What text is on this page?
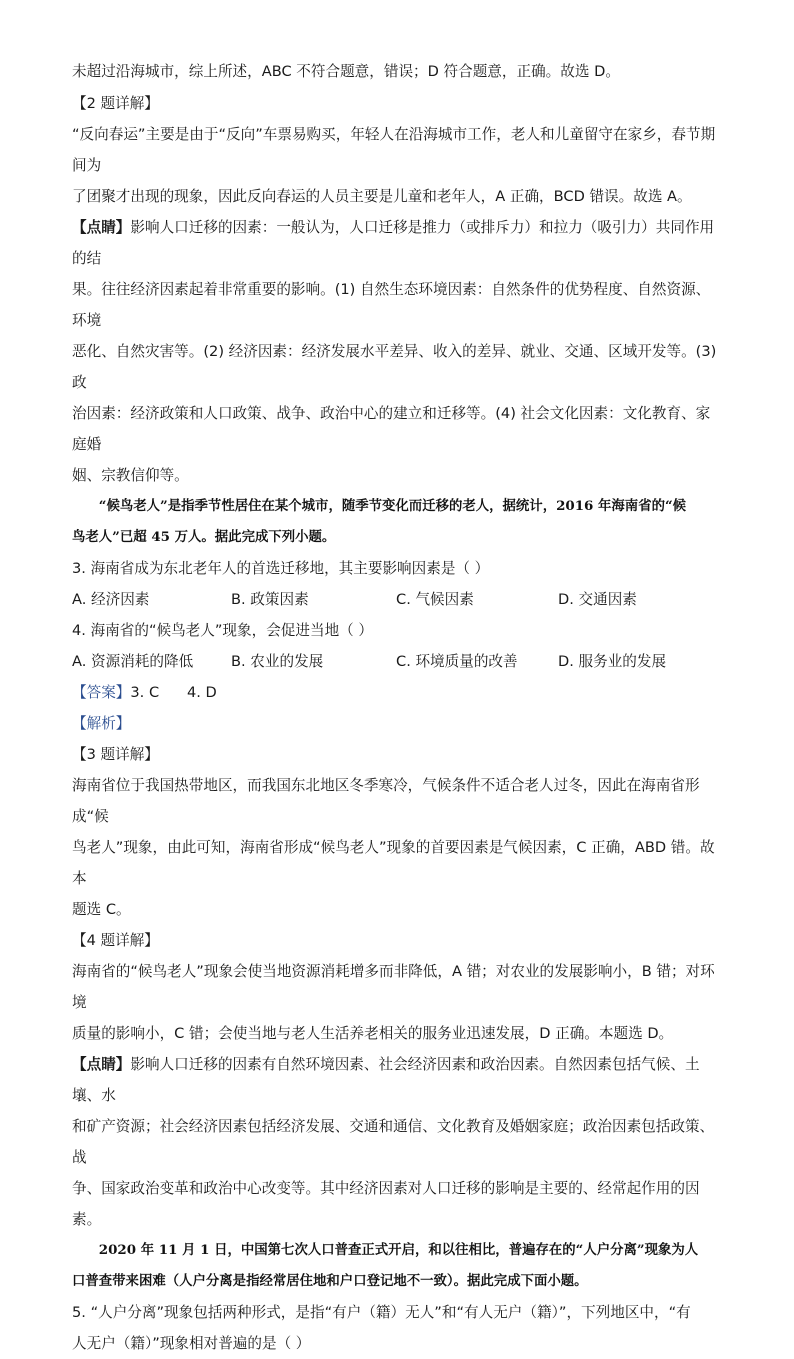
未超过沿海城市，综上所述，ABC 不符合题意，错误；D 符合题意，正确。故选 D。

【2 题详解】

“反向春运”主要是由于“反向”车票易购买，年轻人在沿海城市工作，老人和儿童留守在家乡，春节期间为

了团聚才出现的现象，因此反向春运的人员主要是儿童和老年人，A 正确，BCD 错误。故选 A。

【点睛】影响人口迁移的因素：一般认为，人口迁移是推力（或排斥力）和拉力（吸引力）共同作用的结

果。往往经济因素起着非常重要的影响。(1) 自然生态环境因素：自然条件的优势程度、自然资源、环境

恶化、自然灾害等。(2) 经济因素：经济发展水平差异、收入的差异、就业、交通、区域开发等。(3) 政

治因素：经济政策和人口政策、战争、政治中心的建立和迁移等。(4) 社会文化因素：文化教育、家庭婚

姻、宗教信仰等。

“候鸟老人”是指季节性居住在某个城市，随季节变化而迁移的老人，据统计，2016 年海南省的“候

鸟老人”已超 45 万人。据此完成下列小题。

3. 海南省成为东北老年人的首选迁移地，其主要影响因素是（ ）

A. 经济因素	B. 政策因素	C. 气候因素	D. 交通因素

4. 海南省的“候鸟老人”现象，会促进当地（ ）

A. 资源消耗的降低	B. 农业的发展	C. 环境质量的改善	D. 服务业的发展

【答案】3. C      4. D

【解析】

【3 题详解】

海南省位于我国热带地区，而我国东北地区冬季寒冷，气候条件不适合老人过冬，因此在海南省形成“候

鸟老人”现象，由此可知，海南省形成“候鸟老人”现象的首要因素是气候因素，C 正确，ABD 错。故本

题选 C。

【4 题详解】

海南省的“候鸟老人”现象会使当地资源消耗增多而非降低，A 错；对农业的发展影响小，B 错；对环境

质量的影响小，C 错；会使当地与老人生活养老相关的服务业迅速发展，D 正确。本题选 D。

【点睛】影响人口迁移的因素有自然环境因素、社会经济因素和政治因素。自然因素包括气候、土壤、水

和矿产资源；社会经济因素包括经济发展、交通和通信、文化教育及婚姻家庭；政治因素包括政策、战

争、国家政治变革和政治中心改变等。其中经济因素对人口迁移的影响是主要的、经常起作用的因素。

2020 年 11 月 1 日，中国第七次人口普查正式开启，和以往相比，普遍存在的“人户分离”现象为人

口普查带来困难（人户分离是指经常居住地和户口登记地不一致）。据此完成下面小题。

5. “人户分离”现象包括两种形式，是指“有户（籍）无人”和“有人无户（籍）”，下列地区中，“有

人无户（籍）”现象相对普遍的是（ ）
